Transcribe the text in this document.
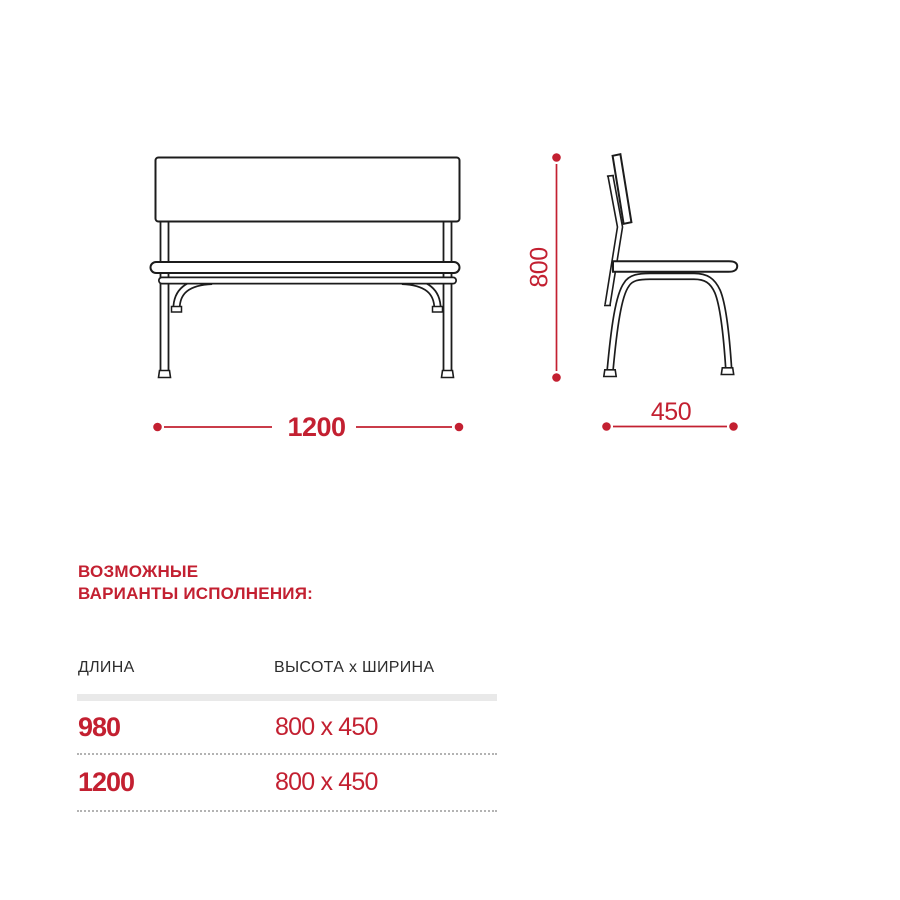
1200
800
450
ВОЗМОЖНЫЕ
ВАРИАНТЫ ИСПОЛНЕНИЯ:
ДЛИНА	ВЫСОТА х ШИРИНА
980	800 x 450
1200	800 x 450
